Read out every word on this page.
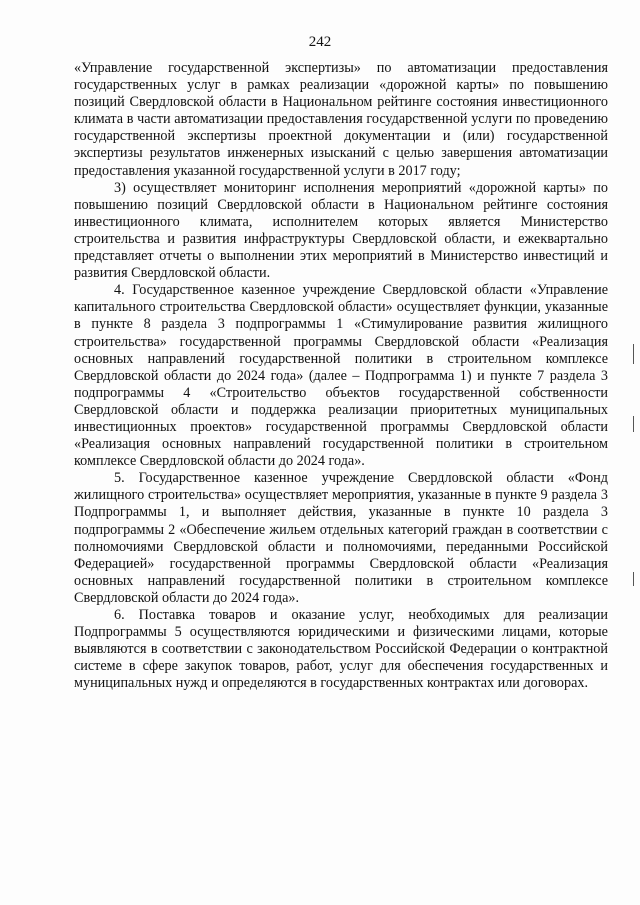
242

«Управление государственной экспертизы» по автоматизации предоставления государственных услуг в рамках реализации «дорожной карты» по повышению позиций Свердловской области в Национальном рейтинге состояния инвестиционного климата в части автоматизации предоставления государственной услуги по проведению государственной экспертизы проектной документации и (или) государственной экспертизы результатов инженерных изысканий с целью завершения автоматизации предоставления указанной государственной услуги в 2017 году;

3) осуществляет мониторинг исполнения мероприятий «дорожной карты» по повышению позиций Свердловской области в Национальном рейтинге состояния инвестиционного климата, исполнителем которых является Министерство строительства и развития инфраструктуры Свердловской области, и ежеквартально представляет отчеты о выполнении этих мероприятий в Министерство инвестиций и развития Свердловской области.

4. Государственное казенное учреждение Свердловской области «Управление капитального строительства Свердловской области» осуществляет функции, указанные в пункте 8 раздела 3 подпрограммы 1 «Стимулирование развития жилищного строительства» государственной программы Свердловской области «Реализация основных направлений государственной политики в строительном комплексе Свердловской области до 2024 года» (далее – Подпрограмма 1) и пункте 7 раздела 3 подпрограммы 4 «Строительство объектов государственной собственности Свердловской области и поддержка реализации приоритетных муниципальных инвестиционных проектов» государственной программы Свердловской области «Реализация основных направлений государственной политики в строительном комплексе Свердловской области до 2024 года».

5. Государственное казенное учреждение Свердловской области «Фонд жилищного строительства» осуществляет мероприятия, указанные в пункте 9 раздела 3 Подпрограммы 1, и выполняет действия, указанные в пункте 10 раздела 3 подпрограммы 2 «Обеспечение жильем отдельных категорий граждан в соответствии с полномочиями Свердловской области и полномочиями, переданными Российской Федерацией» государственной программы Свердловской области «Реализация основных направлений государственной политики в строительном комплексе Свердловской области до 2024 года».

6. Поставка товаров и оказание услуг, необходимых для реализации Подпрограммы 5 осуществляются юридическими и физическими лицами, которые выявляются в соответствии с законодательством Российской Федерации о контрактной системе в сфере закупок товаров, работ, услуг для обеспечения государственных и муниципальных нужд и определяются в государственных контрактах или договорах.
